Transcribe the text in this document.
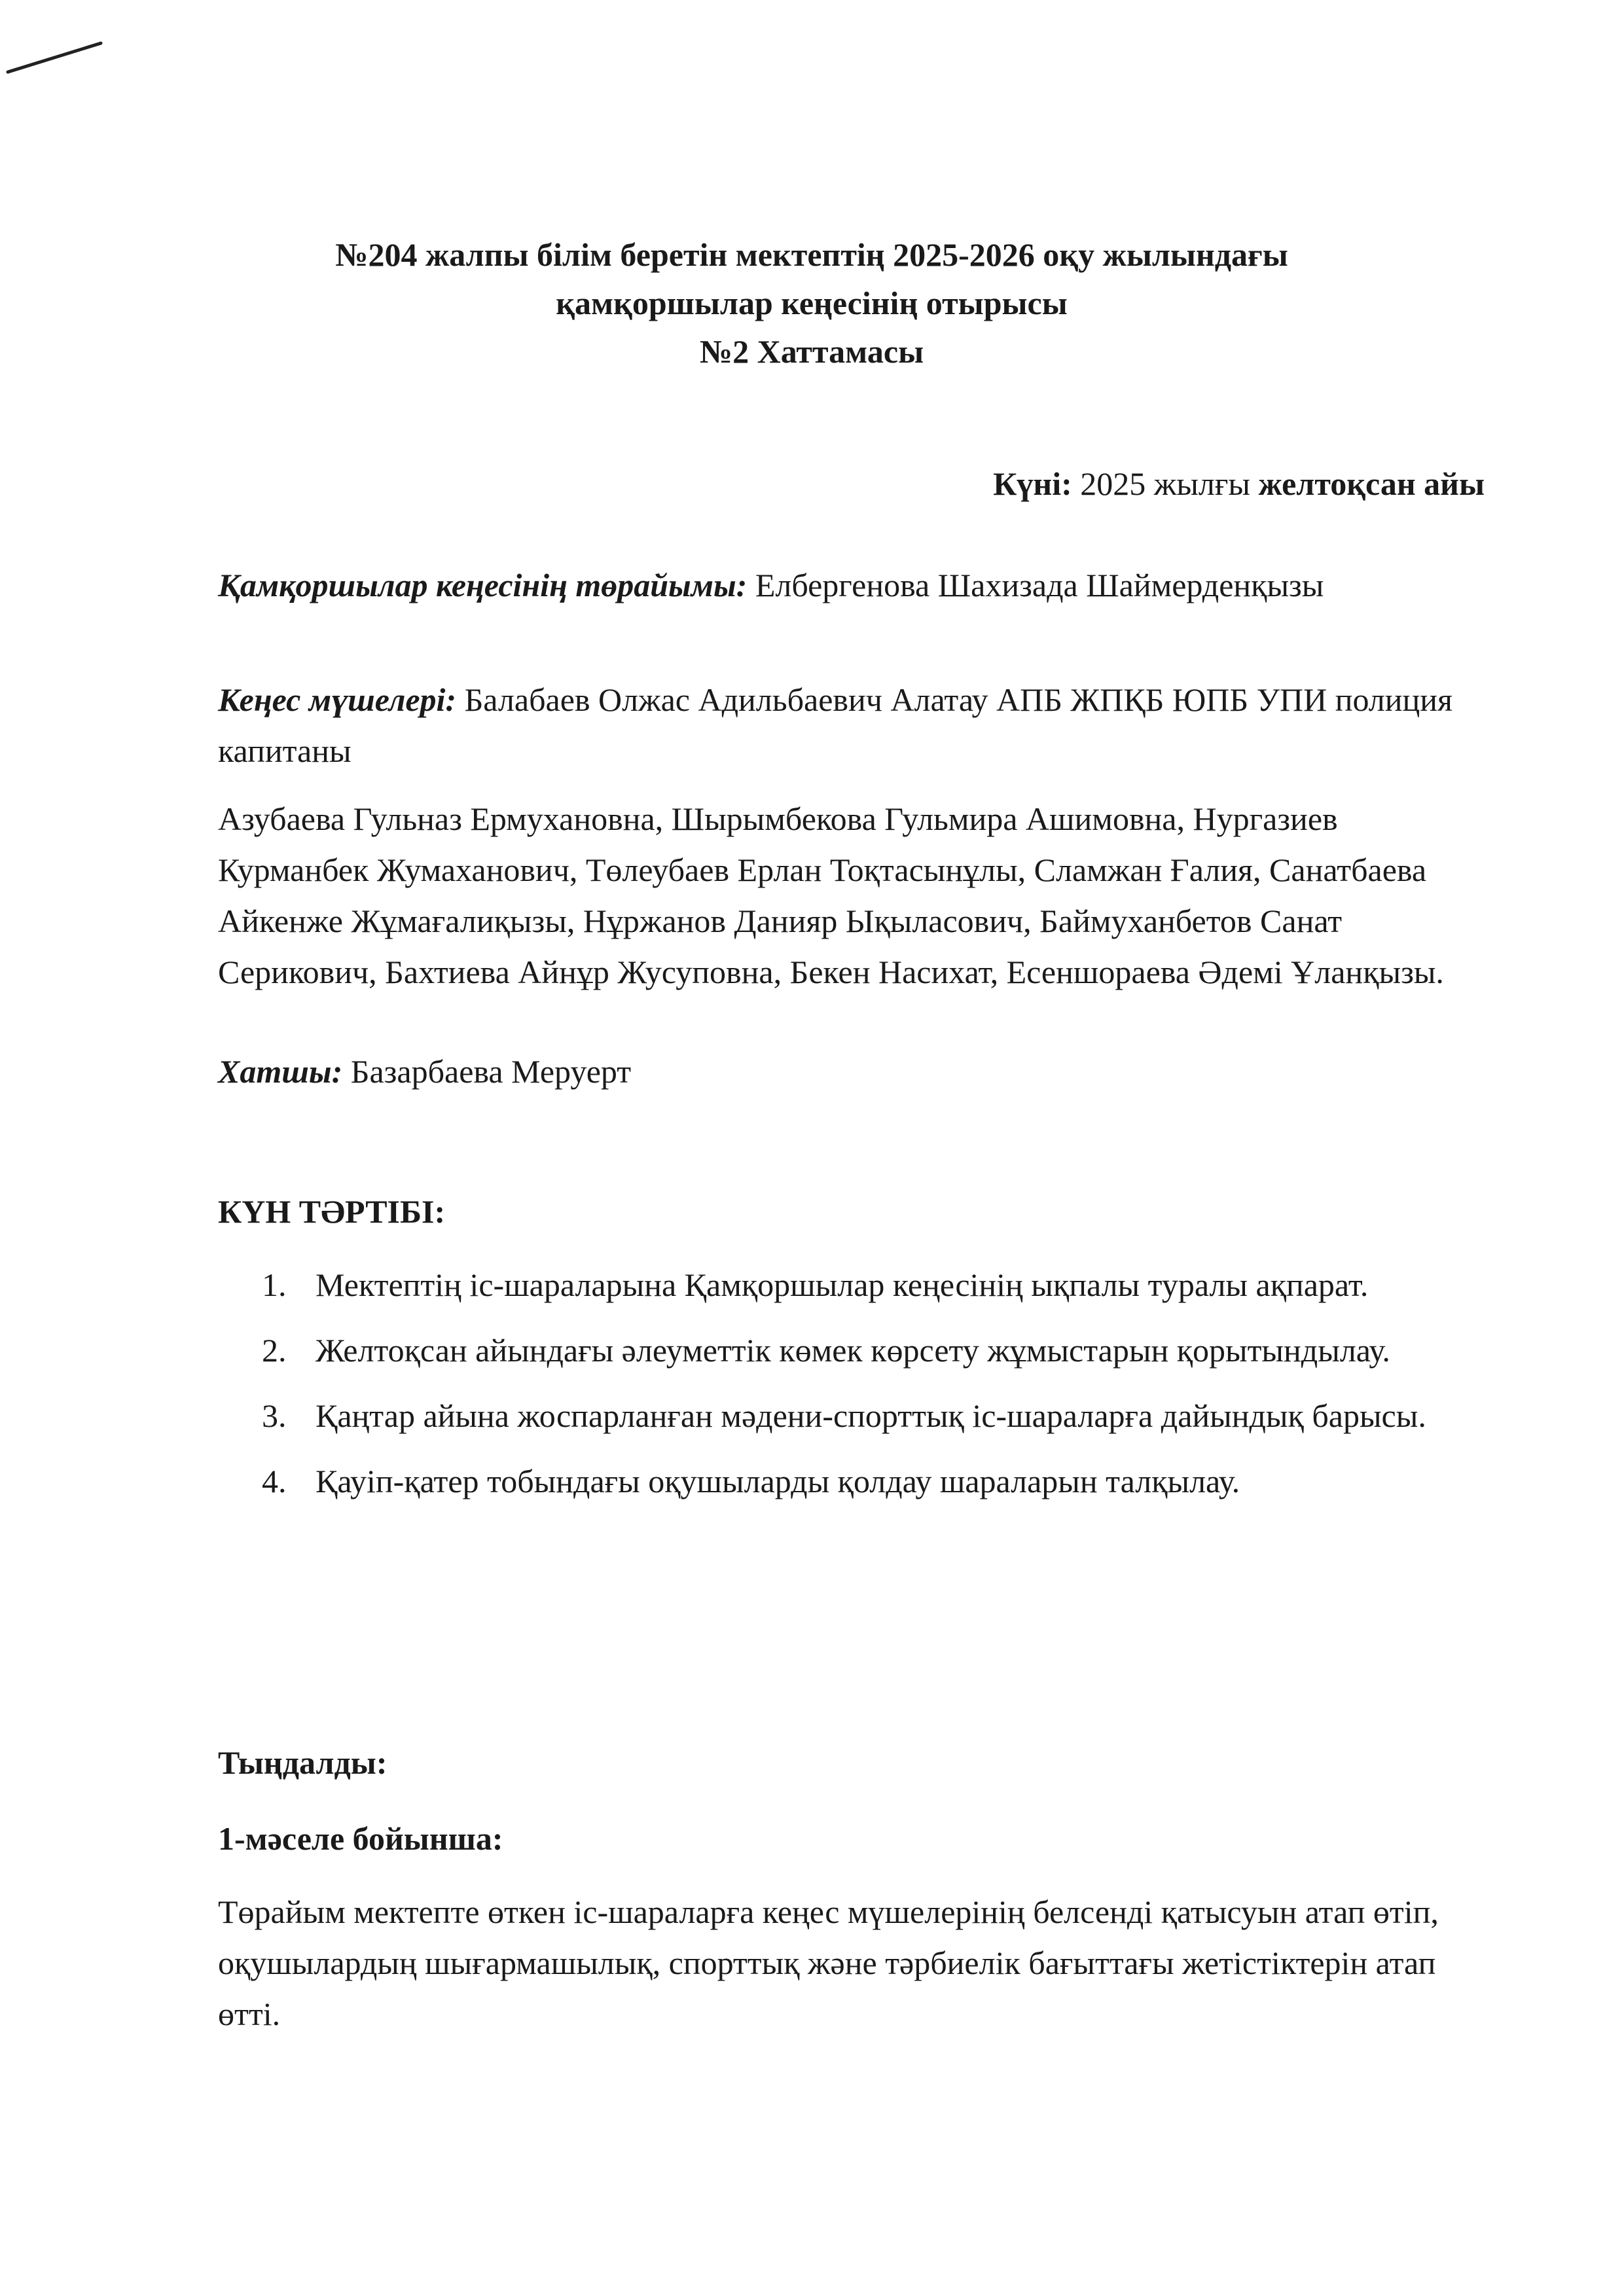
№204 жалпы білім беретін мектептің 2025-2026 оқу жылындағы
қамқоршылар кеңесінің отырысы
№2 Хаттамасы
Күні: 2025 жылғы желтоқсан айы
Қамқоршылар кеңесінің төрайымы: Елбергенова Шахизада Шаймерденқызы
Кеңес мүшелері: Балабаев Олжас Адильбаевич Алатау АПБ ЖПҚБ ЮПБ УПИ полиция капитаны
Азубаева Гульназ Ермухановна, Шырымбекова Гульмира Ашимовна, Нургазиев Курманбек Жумаханович, Төлеубаев Ерлан Тоқтасынұлы, Сламжан Ғалия, Санатбаева Айкенже Жұмағалиқызы, Нұржанов Данияр Ықыласович, Баймуханбетов Санат Серикович, Бахтиева Айнұр Жусуповна, Бекен Насихат, Есеншораева Әдемі Ұланқызы.
Хатшы: Базарбаева Меруерт
КҮН ТӘРТІБІ:
1. Мектептің іс-шараларына Қамқоршылар кеңесінің ықпалы туралы ақпарат.
2. Желтоқсан айындағы әлеуметтік көмек көрсету жұмыстарын қорытындылау.
3. Қаңтар айына жоспарланған мәдени-спорттық іс-шараларға дайындық барысы.
4. Қауіп-қатер тобындағы оқушыларды қолдау шараларын талқылау.
Тыңдалды:
1-мәселе бойынша:
Төрайым мектепте өткен іс-шараларға кеңес мүшелерінің белсенді қатысуын атап өтіп, оқушылардың шығармашылық, спорттық және тәрбиелік бағыттағы жетістіктерін атап өтті.
